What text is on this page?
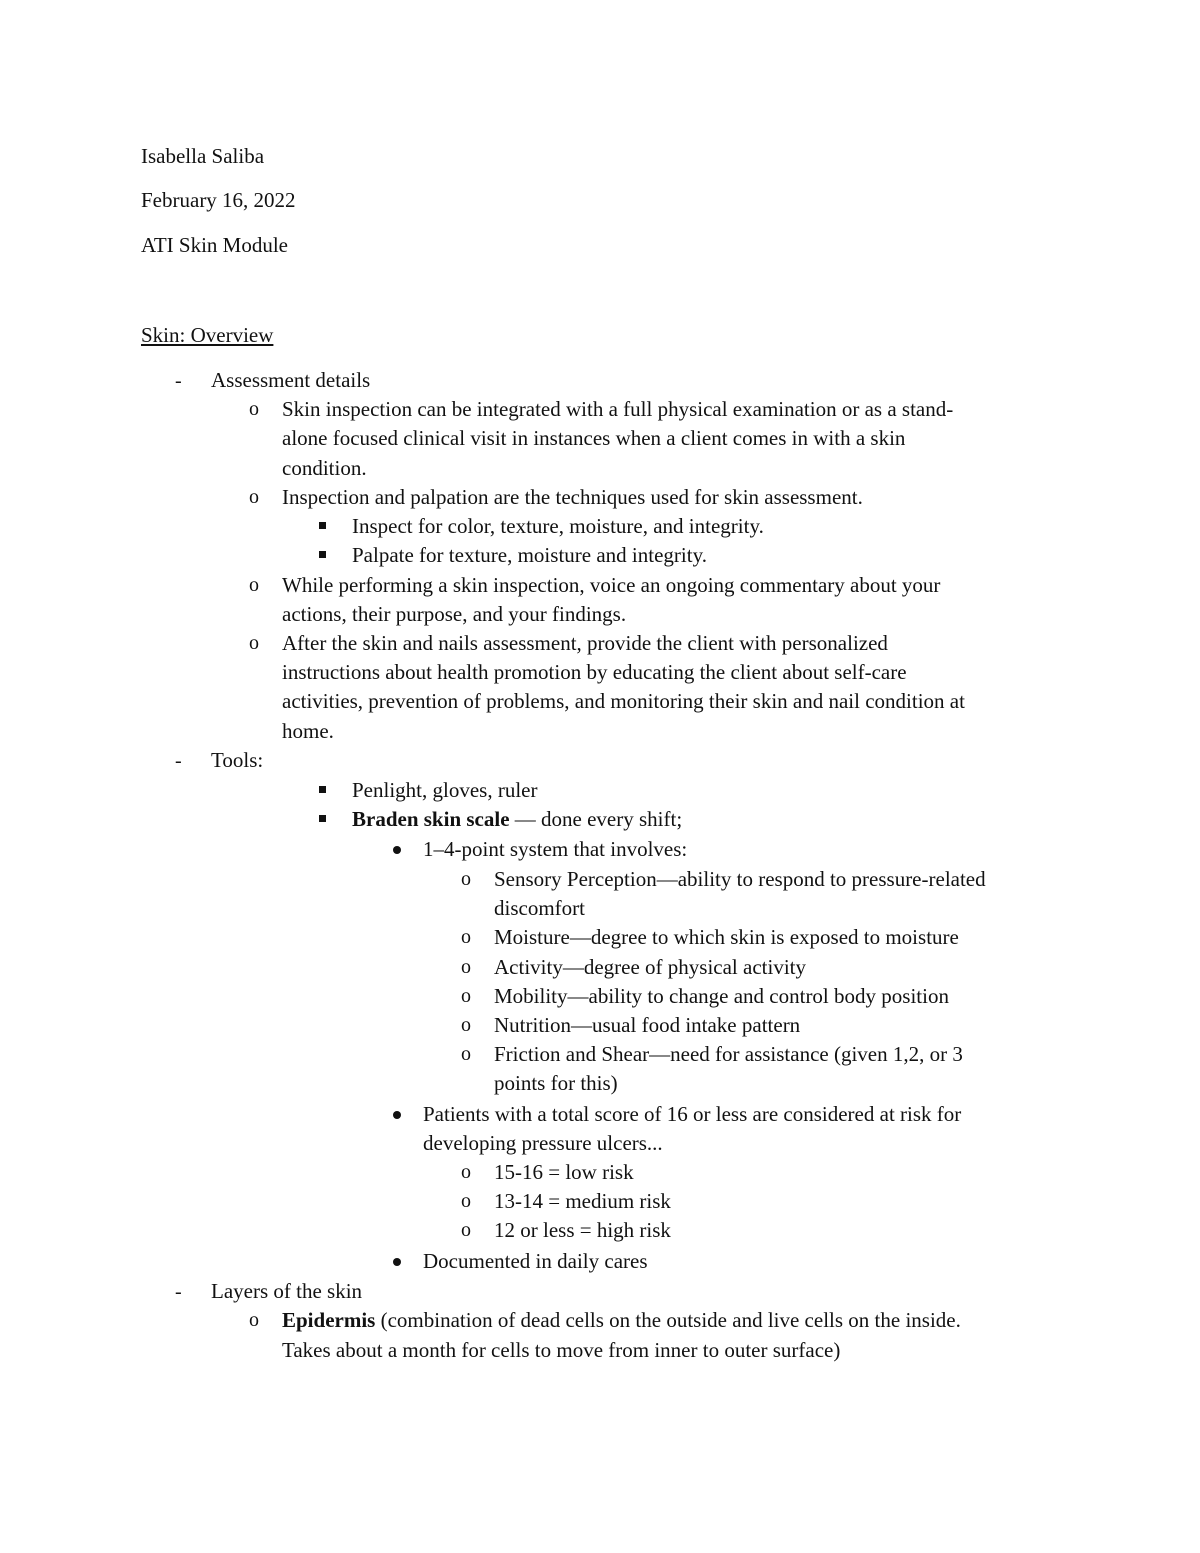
Isabella Saliba
February 16, 2022
ATI Skin Module
Skin: Overview
- Assessment details
o Skin inspection can be integrated with a full physical examination or as a stand-
alone focused clinical visit in instances when a client comes in with a skin
condition.
o Inspection and palpation are the techniques used for skin assessment.
Inspect for color, texture, moisture, and integrity.
Palpate for texture, moisture and integrity.
o While performing a skin inspection, voice an ongoing commentary about your
actions, their purpose, and your findings.
o After the skin and nails assessment, provide the client with personalized
instructions about health promotion by educating the client about self-care
activities, prevention of problems, and monitoring their skin and nail condition at
home.
- Tools:
Penlight, gloves, ruler
Braden skin scale — done every shift;
1–4-point system that involves:
o Sensory Perception—ability to respond to pressure-related
discomfort
o Moisture—degree to which skin is exposed to moisture
o Activity—degree of physical activity
o Mobility—ability to change and control body position
o Nutrition—usual food intake pattern
o Friction and Shear—need for assistance (given 1,2, or 3
points for this)
Patients with a total score of 16 or less are considered at risk for
developing pressure ulcers...
o 15-16 = low risk
o 13-14 = medium risk
o 12 or less = high risk
Documented in daily cares
- Layers of the skin
o Epidermis (combination of dead cells on the outside and live cells on the inside.
Takes about a month for cells to move from inner to outer surface)
